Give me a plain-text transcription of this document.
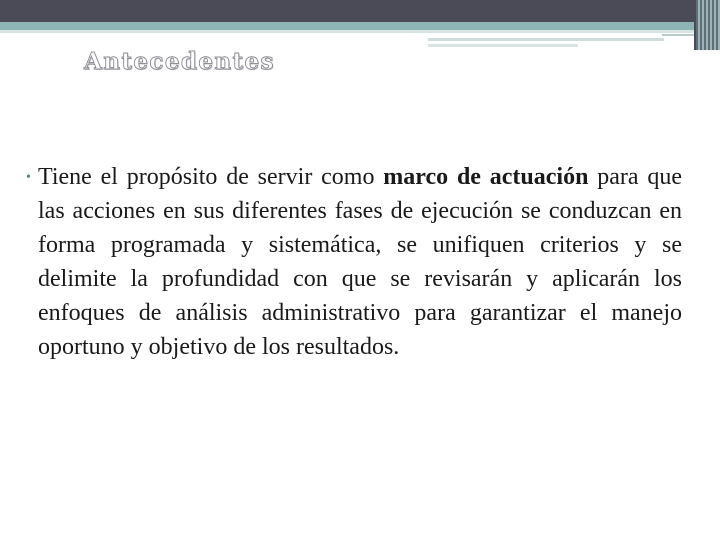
Antecedentes
• Tiene el propósito de servir como marco de actuación para que las acciones en sus diferentes fases de ejecución se conduzcan en forma programada y sistemática, se unifiquen criterios y se delimite la profundidad con que se revisarán y aplicarán los enfoques de análisis administrativo para garantizar el manejo oportuno y objetivo de los resultados.
